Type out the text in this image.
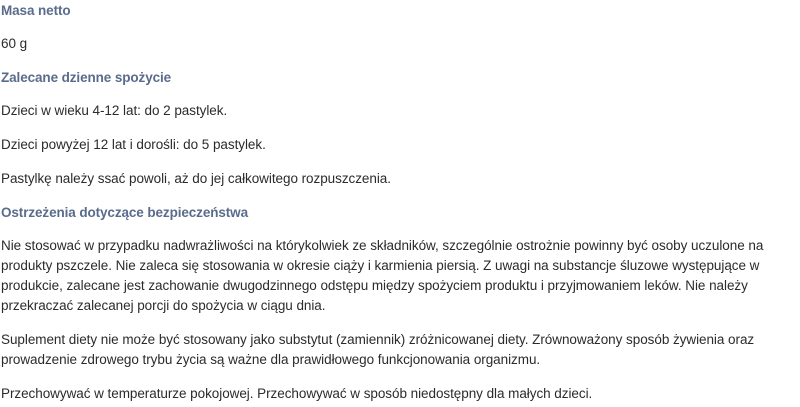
Masa netto

60 g

Zalecane dzienne spożycie

Dzieci w wieku 4-12 lat: do 2 pastylek.

Dzieci powyżej 12 lat i dorośli: do 5 pastylek.

Pastylkę należy ssać powoli, aż do jej całkowitego rozpuszczenia.

Ostrzeżenia dotyczące bezpieczeństwa

Nie stosować w przypadku nadwrażliwości na którykolwiek ze składników, szczególnie ostrożnie powinny być osoby uczulone na produkty pszczele. Nie zaleca się stosowania w okresie ciąży i karmienia piersią. Z uwagi na substancje śluzowe występujące w produkcie, zalecane jest zachowanie dwugodzinnego odstępu między spożyciem produktu i przyjmowaniem leków. Nie należy przekraczać zalecanej porcji do spożycia w ciągu dnia.

Suplement diety nie może być stosowany jako substytut (zamiennik) zróżnicowanej diety. Zrównoważony sposób żywienia oraz prowadzenie zdrowego trybu życia są ważne dla prawidłowego funkcjonowania organizmu.

Przechowywać w temperaturze pokojowej. Przechowywać w sposób niedostępny dla małych dzieci.
